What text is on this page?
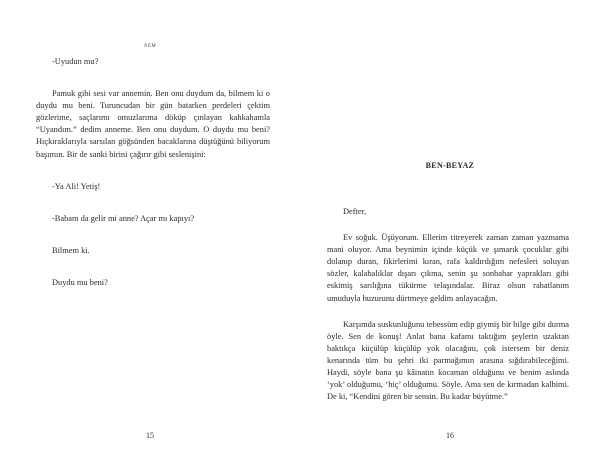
NEM

-Uyudun mu?

Pamuk gibi sesi var annemin. Ben onu duydum da, bilmem ki o duydu mu beni. Turuncudan bir gün batarken perdeleri çektim gözlerime, saçlarımı omuzlarıma döküp çınlayan kahkahamla “Uyandım.” dedim anneme. Ben onu duydum. O duydu mu beni? Hıçkıraklarıyla sarsılan göğsünden bacaklarına düştüğünü biliyorum başımın. Bir de sanki birini çağırır gibi seslenişini:

-Ya Ali! Yetiş!

-Babam da gelir mi anne? Açar mı kapıyı?

Bilmem ki.

Duydu mu beni?

15
BEN-BEYAZ

Defter,

Ev soğuk. Üşüyorum. Ellerim titreyerek zaman zaman yazmama mani oluyor. Ama beynimin içinde küçük ve şımarık çocuklar gibi dolanıp duran, fikirlerimi kıran, rafa kaldırdığım nefesleri soluyan sözler, kalabalıklar dışarı çıkma, senin şu sonbahar yaprakları gibi eskimiş sarılığına tükürme telaşındalar. Biraz olsun rahatlanım umuduyla huzurunu dürtmeye geldim anlayacağın.

Karşımda suskunluğunu tebessüm edip giymiş bir bilge gibi durma öyle. Sen de konuş! Anlat bana kafamı taktığım şeylerin uzaktan baktıkça küçülüp küçülüp yok olacağını, çok istersem bir deniz kenarında tüm bu şehri iki parmağımın arasına sığdırabileceğimi. Haydi, söyle bana şu kâinatın kocaman olduğunu ve benim aslında ‘yok’ olduğumu, ‘hiç’ olduğumu. Söyle. Ama sen de kırmadan kalbimi. De ki, “Kendini gören bir sensin. Bu kadar büyütme.”

16
